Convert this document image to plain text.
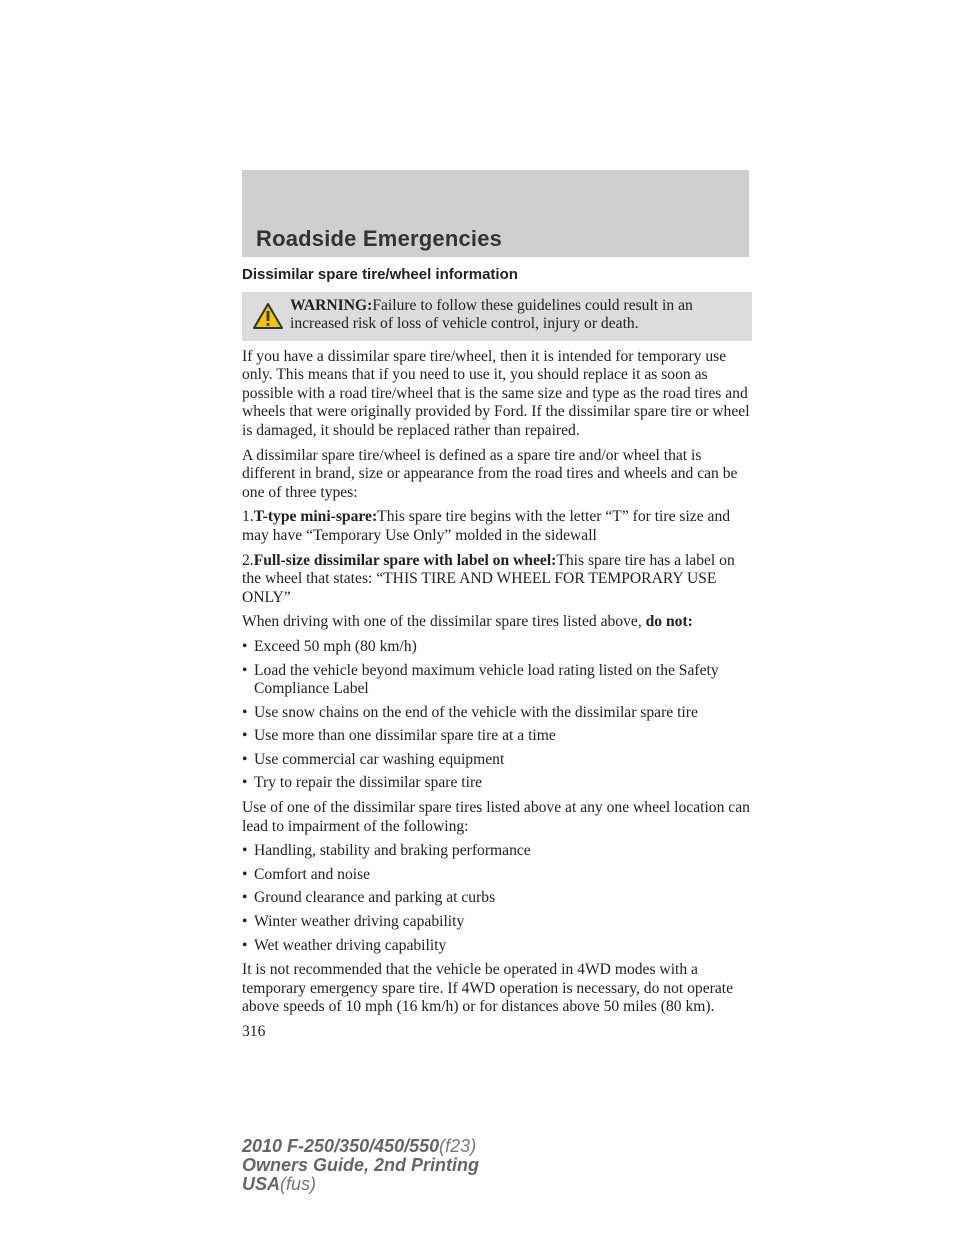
Roadside Emergencies
Dissimilar spare tire/wheel information

WARNING:Failure to follow these guidelines could result in an increased risk of loss of vehicle control, injury or death.

If you have a dissimilar spare tire/wheel, then it is intended for temporary use only. This means that if you need to use it, you should replace it as soon as possible with a road tire/wheel that is the same size and type as the road tires and wheels that were originally provided by Ford. If the dissimilar spare tire or wheel is damaged, it should be replaced rather than repaired.

A dissimilar spare tire/wheel is defined as a spare tire and/or wheel that is different in brand, size or appearance from the road tires and wheels and can be one of three types:

1.T-type mini-spare:This spare tire begins with the letter “T” for tire size and may have “Temporary Use Only” molded in the sidewall

2.Full-size dissimilar spare with label on wheel:This spare tire has a label on the wheel that states: “THIS TIRE AND WHEEL FOR TEMPORARY USE ONLY”

When driving with one of the dissimilar spare tires listed above, do not:

• Exceed 50 mph (80 km/h)
• Load the vehicle beyond maximum vehicle load rating listed on the Safety Compliance Label
• Use snow chains on the end of the vehicle with the dissimilar spare tire
• Use more than one dissimilar spare tire at a time
• Use commercial car washing equipment
• Try to repair the dissimilar spare tire

Use of one of the dissimilar spare tires listed above at any one wheel location can lead to impairment of the following:

• Handling, stability and braking performance
• Comfort and noise
• Ground clearance and parking at curbs
• Winter weather driving capability
• Wet weather driving capability

It is not recommended that the vehicle be operated in 4WD modes with a temporary emergency spare tire. If 4WD operation is necessary, do not operate above speeds of 10 mph (16 km/h) or for distances above 50 miles (80 km).

316

2010 F-250/350/450/550(f23)
Owners Guide, 2nd Printing
USA(fus)
